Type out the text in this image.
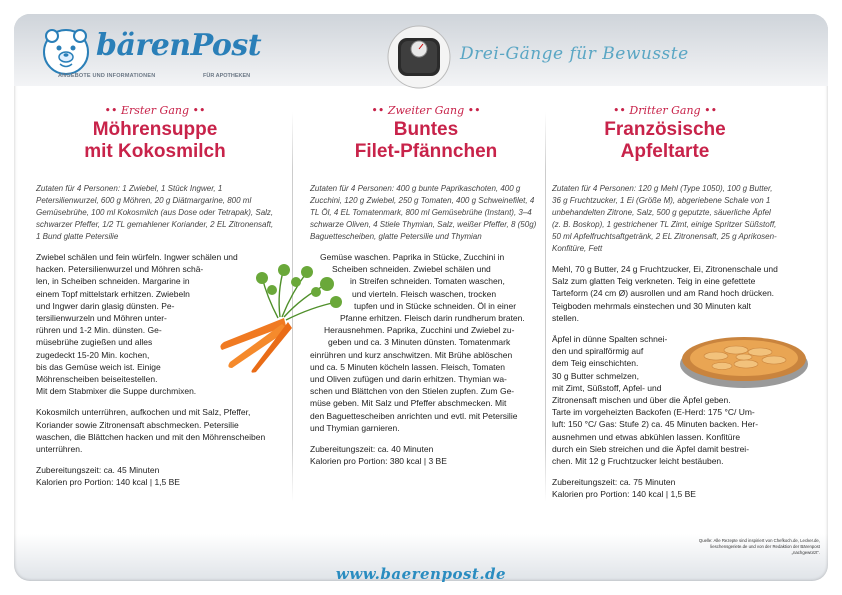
bärenPost
ANGEBOTE UND INFORMATIONEN	FÜR APOTHEKEN
Drei-Gänge für Bewusste
•• Erster Gang ••
Möhrensuppe
mit Kokosmilch
Zutaten für 4 Personen: 1 Zwiebel, 1 Stück Ingwer, 1 Petersilienwurzel, 600 g Möhren, 20 g Diätmargarine, 800 ml Gemüsebrühe, 100 ml Kokosmilch (aus Dose oder Tetrapak), Salz, schwarzer Pfeffer, 1/2 TL gemahlener Koriander, 2 EL Zitronensaft, 1 Bund glatte Petersilie

Zwiebel schälen und fein würfeln. Ingwer schälen und
hacken. Petersilienwurzel und Möhren schä-
len, in Scheiben schneiden. Margarine in
einem Topf mittelstark erhitzen. Zwiebeln
und Ingwer darin glasig dünsten. Pe-
tersilienwurzeln und Möhren unter-
rühren und 1-2 Min. dünsten. Ge-
müsebrühe zugießen und alles
zugedeckt 15-20 Min. kochen,
bis das Gemüse weich ist. Einige
Möhrenscheiben beiseitestellen.
Mit dem Stabmixer die Suppe durchmixen.

Kokosmilch unterrühren, aufkochen und mit Salz, Pfeffer, Koriander sowie Zitronensaft abschmecken. Petersilie waschen, die Blättchen hacken und mit den Möhrenscheiben unterrühren.

Zubereitungszeit: ca. 45 Minuten
Kalorien pro Portion: 140 kcal | 1,5 BE
•• Zweiter Gang ••
Buntes
Filet-Pfännchen
Zutaten für 4 Personen: 400 g bunte Paprikaschoten, 400 g Zucchini, 120 g Zwiebel, 250 g Tomaten, 400 g Schweinefilet, 4 TL Öl, 4 EL Tomatenmark, 800 ml Gemüsebrühe (Instant), 3–4 schwarze Oliven, 4 Stiele Thymian, Salz, weißer Pfeffer, 8 (50g) Baguettescheiben, glatte Petersilie und Thymian

Gemüse waschen. Paprika in Stücke, Zucchini in
Scheiben schneiden. Zwiebel schälen und
in Streifen schneiden. Tomaten waschen,
und vierteln. Fleisch waschen, trocken
tupfen und in Stücke schneiden. Öl in einer
Pfanne erhitzen. Fleisch darin rundherum braten.
Herausnehmen. Paprika, Zucchini und Zwiebel zu-
geben und ca. 3 Minuten dünsten. Tomatenmark
einrühren und kurz anschwitzen. Mit Brühe ablöschen
und ca. 5 Minuten köcheln lassen. Fleisch, Tomaten
und Oliven zufügen und darin erhitzen. Thymian wa-
schen und Blättchen von den Stielen zupfen. Zum Ge-
müse geben. Mit Salz und Pfeffer abschmecken. Mit
den Baguettescheiben anrichten und evtl. mit Petersilie
und Thymian garnieren.

Zubereitungszeit: ca. 40 Minuten
Kalorien pro Portion: 380 kcal | 3 BE
•• Dritter Gang ••
Französische
Apfeltarte
Zutaten für 4 Personen: 120 g Mehl (Type 1050), 100 g Butter, 36 g Fruchtzucker, 1 Ei (Größe M), abgeriebene Schale von 1 unbehandelten Zitrone, Salz, 500 g geputzte, säuerliche Äpfel (z. B. Boskop), 1 gestrichener TL Zimt, einige Spritzer Süßstoff, 50 ml Apfelfruchtsaftgetränk, 2 EL Zitronensaft, 25 g Aprikosen-Konfitüre, Fett

Mehl, 70 g Butter, 24 g Fruchtzucker, Ei, Zitronenschale und Salz zum glatten Teig verkneten. Teig in eine gefettete Tarteform (24 cm Ø) ausrollen und am Rand hoch drücken. Teigboden mehrmals einstechen und 30 Minuten kalt stellen.

Äpfel in dünne Spalten schnei-
den und spiralförmig auf
dem Teig einschichten.
30 g Butter schmelzen,
mit Zimt, Süßstoff, Apfel- und
Zitronensaft mischen und über die Äpfel geben.
Tarte im vorgeheizten Backofen (E-Herd: 175 °C/ Um-
luft: 150 °C/ Gas: Stufe 2) ca. 45 Minuten backen. Her-
ausnehmen und etwas abkühlen lassen. Konfitüre
durch ein Sieb streichen und die Äpfel damit bestrei-
chen. Mit 12 g Fruchtzucker leicht bestäuben.

Zubereitungszeit: ca. 75 Minuten
Kalorien pro Portion: 140 kcal | 1,5 BE
Quelle: Alle Rezepte sind inspiriert von Chefkoch.de, Lecker.de, lieschensgeriete.de und von der Redaktion der Bärenpost „nachgewürzt“.
www.baerenpost.de
